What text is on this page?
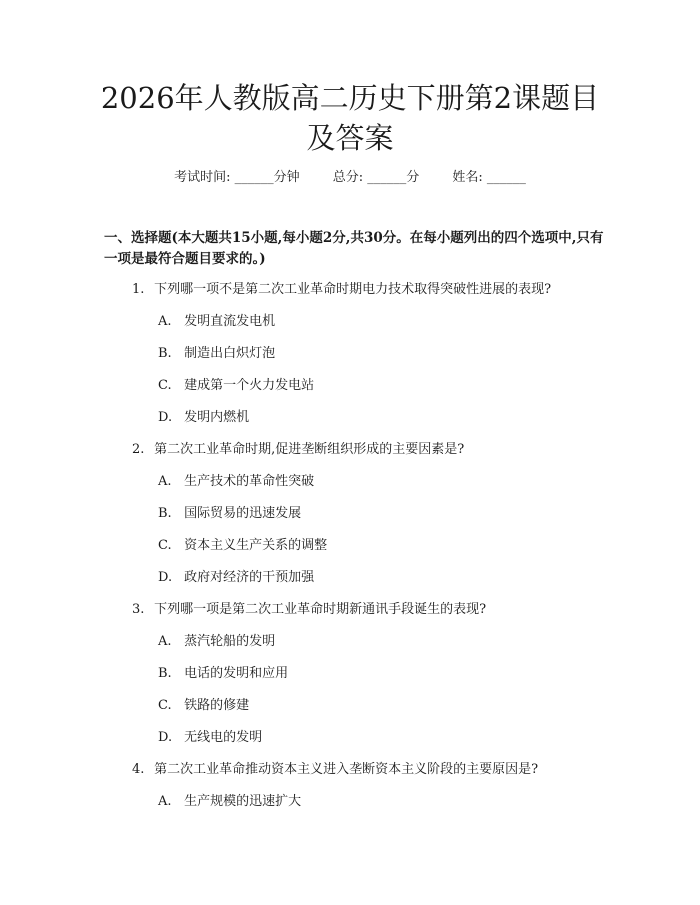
2026年人教版高二历史下册第2课题目及答案
考试时间: ______分钟	总分: ______分	姓名: ______

一、选择题(本大题共15小题,每小题2分,共30分。在每小题列出的四个选项中,只有一项是最符合题目要求的。)

1. 下列哪一项不是第二次工业革命时期电力技术取得突破性进展的表现?
A. 发明直流发电机
B. 制造出白炽灯泡
C. 建成第一个火力发电站
D. 发明内燃机
2. 第二次工业革命时期,促进垄断组织形成的主要因素是?
A. 生产技术的革命性突破
B. 国际贸易的迅速发展
C. 资本主义生产关系的调整
D. 政府对经济的干预加强
3. 下列哪一项是第二次工业革命时期新通讯手段诞生的表现?
A. 蒸汽轮船的发明
B. 电话的发明和应用
C. 铁路的修建
D. 无线电的发明
4. 第二次工业革命推动资本主义进入垄断资本主义阶段的主要原因是?
A. 生产规模的迅速扩大
